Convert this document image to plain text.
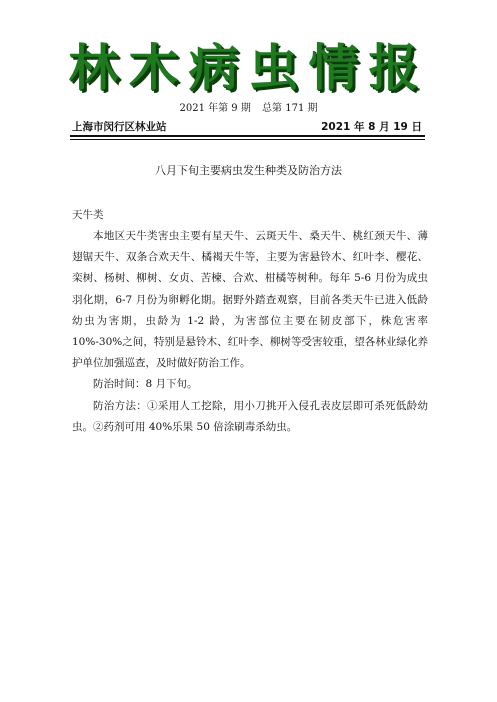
林木病虫情报
2021 年第 9 期 总第 171 期
上海市闵行区林业站	2021 年 8 月 19 日
八月下旬主要病虫发生种类及防治方法
天牛类

本地区天牛类害虫主要有星天牛、云斑天牛、桑天牛、桃红颈天牛、薄翅锯天牛、双条合欢天牛、橘褐天牛等，主要为害悬铃木、红叶李、樱花、栾树、杨树、柳树、女贞、苦楝、合欢、柑橘等树种。每年 5-6 月份为成虫羽化期，6-7 月份为卵孵化期。据野外踏查观察，目前各类天牛已进入低龄幼虫为害期，虫龄为 1-2 龄，为害部位主要在韧皮部下，株危害率 10%-30%之间，特别是悬铃木、红叶李、柳树等受害较重，望各林业绿化养护单位加强巡查，及时做好防治工作。

防治时间：8 月下旬。

防治方法：①采用人工挖除，用小刀挑开入侵孔表皮层即可杀死低龄幼虫。②药剂可用 40%乐果 50 倍涂刷毒杀幼虫。
